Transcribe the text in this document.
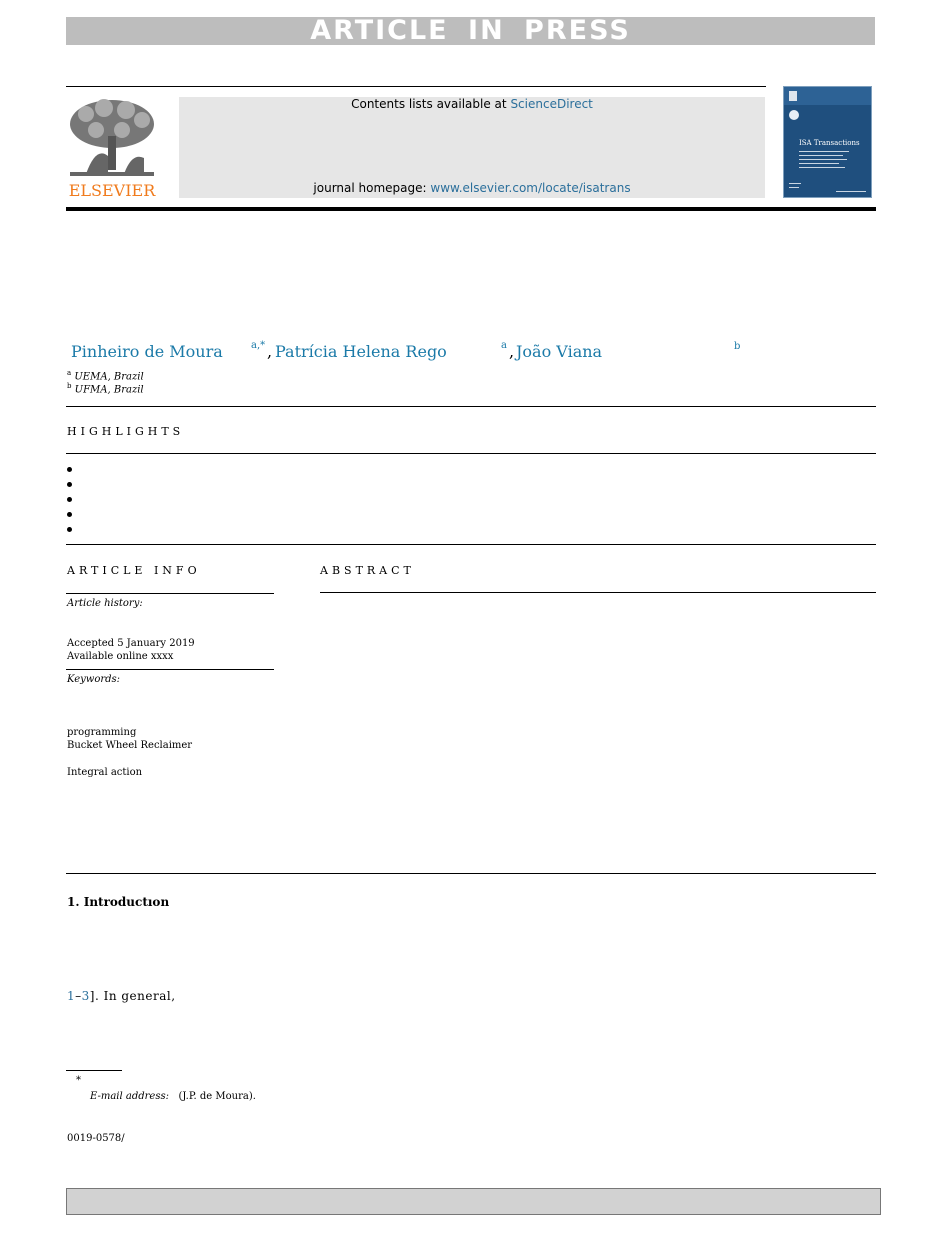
ARTICLE IN PRESS
ELSEVIER
Contents lists available at ScienceDirect
journal homepage: www.elsevier.com/locate/isatrans
ISA Transactions
Pinheiro de Moura	a,* , Patrícia Helena Rego	a , João Viana	b
$^a$ UEMA, Brazil
$^b$ UFMA, Brazil
HIGHLIGHTS
ARTICLE INFO
Article history:
Accepted 5 January 2019
Available online xxxx
Keywords:
programming
Bucket Wheel Reclaimer
Integral action
ABSTRACT
1. Introductıon
1–3]. In general,
*
E-mail address: (J.P. de Moura).
0019-0578/
